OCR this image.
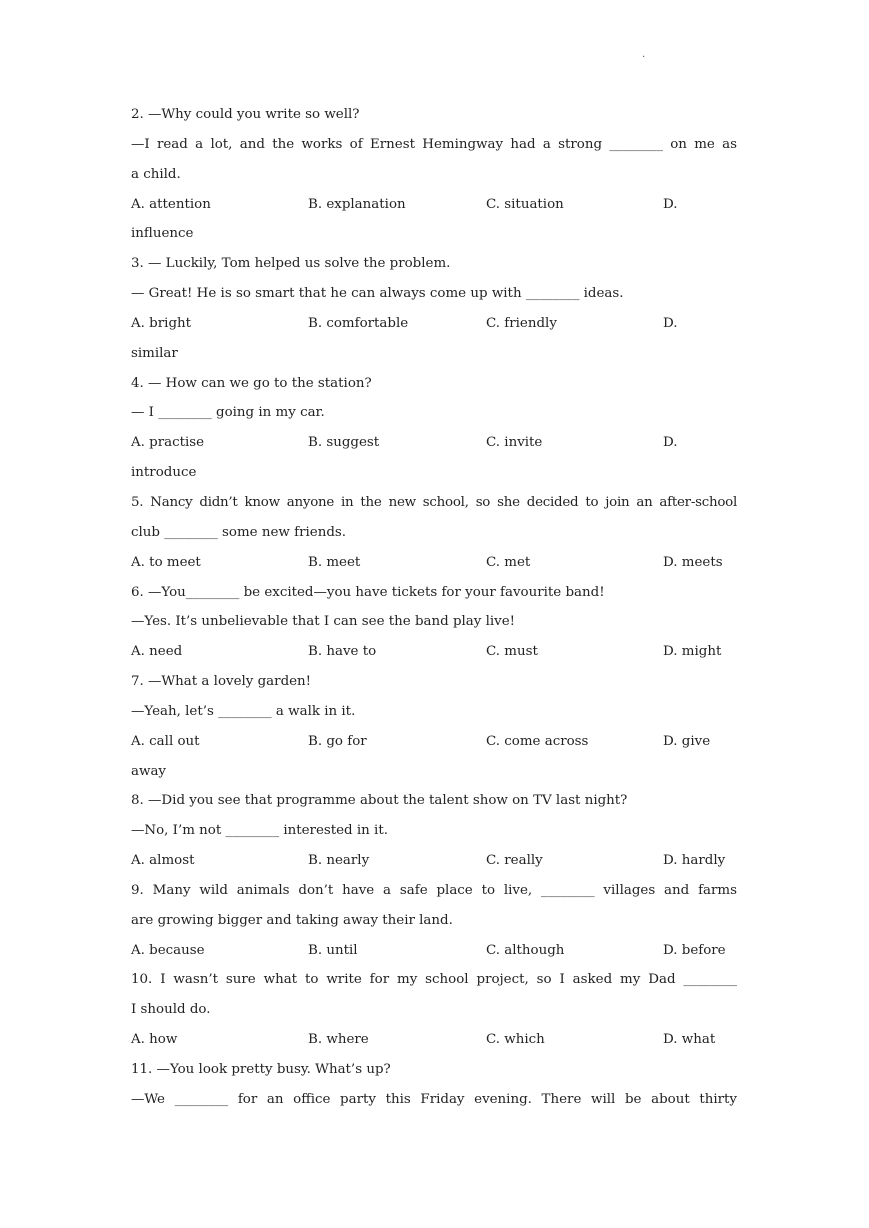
·
2. —Why could you write so well?
—I read a lot, and the works of Ernest Hemingway had a strong ________ on me as
a child.
A. attention	B. explanation	C. situation	D.
influence
3. — Luckily, Tom helped us solve the problem.
— Great! He is so smart that he can always come up with ________ ideas.
A. bright	B. comfortable	C. friendly	D.
similar
4. — How can we go to the station?
— I ________ going in my car.
A. practise	B. suggest	C. invite	D.
introduce
5. Nancy didn’t know anyone in the new school, so she decided to join an after-school
club ________ some new friends.
A. to meet	B. meet	C. met	D. meets
6. —You________ be excited—you have tickets for your favourite band!
—Yes. It’s unbelievable that I can see the band play live!
A. need	B. have to	C. must	D. might
7. —What a lovely garden!
—Yeah, let’s ________ a walk in it.
A. call out	B. go for	C. come across	D. give
away
8. —Did you see that programme about the talent show on TV last night?
—No, I’m not ________ interested in it.
A. almost	B. nearly	C. really	D. hardly
9. Many wild animals don’t have a safe place to live, ________ villages and farms
are growing bigger and taking away their land.
A. because	B. until	C. although	D. before
10. I wasn’t sure what to write for my school project, so I asked my Dad ________
I should do.
A. how	B. where	C. which	D. what
11. —You look pretty busy. What’s up?
—We ________ for an office party this Friday evening. There will be about thirty
